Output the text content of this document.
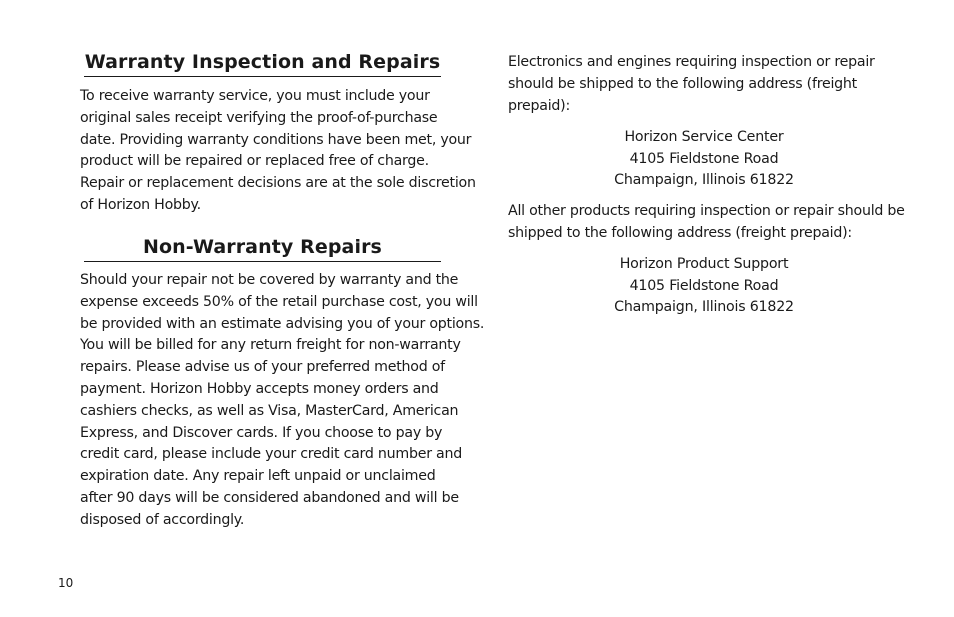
Warranty Inspection and Repairs

To receive warranty service, you must include your
original sales receipt verifying the proof-of-purchase
date. Providing warranty conditions have been met, your
product will be repaired or replaced free of charge.
Repair or replacement decisions are at the sole discretion
of Horizon Hobby.

Non-Warranty Repairs

Should your repair not be covered by warranty and the
expense exceeds 50% of the retail purchase cost, you will
be provided with an estimate advising you of your options.
You will be billed for any return freight for non-warranty
repairs. Please advise us of your preferred method of
payment. Horizon Hobby accepts money orders and
cashiers checks, as well as Visa, MasterCard, American
Express, and Discover cards. If you choose to pay by
credit card, please include your credit card number and
expiration date. Any repair left unpaid or unclaimed
after 90 days will be considered abandoned and will be
disposed of accordingly.

Electronics and engines requiring inspection or repair
should be shipped to the following address (freight
prepaid):

Horizon Service Center
4105 Fieldstone Road
Champaign, Illinois 61822

All other products requiring inspection or repair should be
shipped to the following address (freight prepaid):

Horizon Product Support
4105 Fieldstone Road
Champaign, Illinois 61822
10
